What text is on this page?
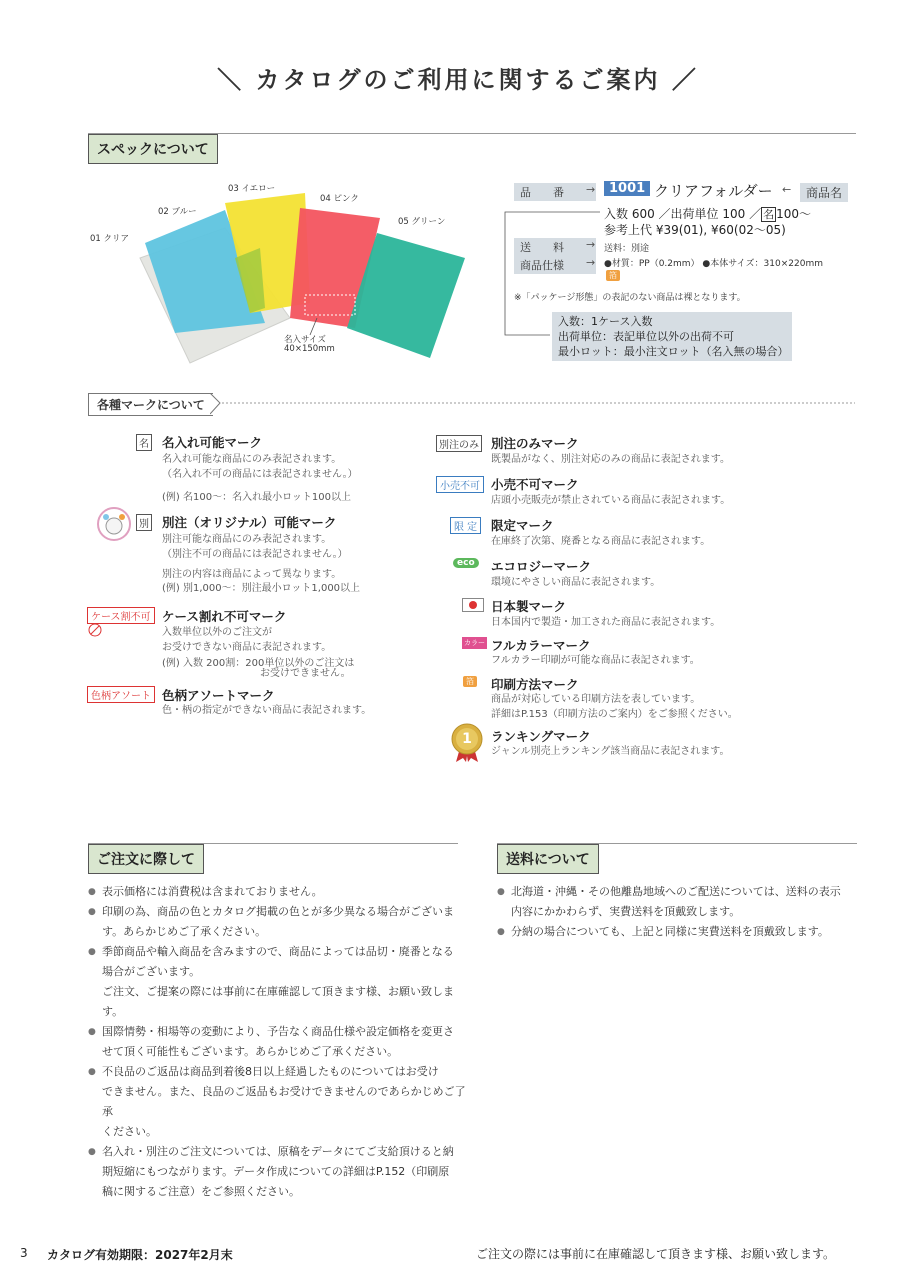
＼ カタログのご利用に関するご案内 ／
スペックについて
01 クリア
02 ブルー
03 イエロー
04 ピンク
05 グリーン
名入サイズ
40×150mm
品　　番	→	1001 クリアフォルダー ←	商品名
入数 600 ／出荷単位 100 ／ 名 100〜
参考上代 ¥39(01), ¥60(02〜05)
送　　料	→ 送料：別途
商品仕様	→ ●材質：PP（0.2mm） ●本体サイズ：310×220mm
箔
※「パッケージ形態」の表記のない商品は裸となります。
入数：1ケース入数
出荷単位：表記単位以外の出荷不可
最小ロット：最小注文ロット（名入無の場合）
各種マークについて
名 名入れ可能マーク
名入れ可能な商品にのみ表記されます。
（名入れ不可の商品には表記されません。）
(例) 名100〜：名入れ最小ロット100以上
別 別注（オリジナル）可能マーク
別注可能な商品にのみ表記されます。
（別注不可の商品には表記されません。）
別注の内容は商品によって異なります。
(例) 別1,000〜：別注最小ロット1,000以上
ケース割不可 ケース割れ不可マーク
入数単位以外のご注文が
お受けできない商品に表記されます。
(例) 入数 200割：200単位以外のご注文は
お受けできません。
色柄アソート 色柄アソートマーク
色・柄の指定ができない商品に表記されます。
別注のみ 別注のみマーク
既製品がなく、別注対応のみの商品に表記されます。
小売不可 小売不可マーク
店頭小売販売が禁止されている商品に表記されます。
限 定	限定マーク
在庫終了次第、廃番となる商品に表記されます。
eco	エコロジーマーク
環境にやさしい商品に表記されます。
日本製マーク
日本国内で製造・加工された商品に表記されます。
カラー フルカラーマーク
フルカラー印刷が可能な商品に表記されます。
箔 印刷方法マーク
商品が対応している印刷方法を表しています。
詳細はP.153（印刷方法のご案内）をご参照ください。
1 ランキングマーク
ジャンル別売上ランキング該当商品に表記されます。
ご注文に際して
● 表示価格には消費税は含まれておりません。
● 印刷の為、商品の色とカタログ掲載の色とが多少異なる場合がございま
す。あらかじめご了承ください。
● 季節商品や輸入商品を含みますので、商品によっては品切・廃番となる
場合がございます。
ご注文、ご提案の際には事前に在庫確認して頂きます様、お願い致します。
● 国際情勢・相場等の変動により、予告なく商品仕様や設定価格を変更さ
せて頂く可能性もございます。あらかじめご了承ください。
● 不良品のご返品は商品到着後8日以上経過したものについてはお受け
できません。また、良品のご返品もお受けできませんのであらかじめご了承
ください。
● 名入れ・別注のご注文については、原稿をデータにてご支給頂けると納
期短縮にもつながります。データ作成についての詳細はP.152（印刷原
稿に関するご注意）をご参照ください。
送料について
● 北海道・沖縄・その他離島地域へのご配送については、送料の表示
内容にかかわらず、実費送料を頂戴致します。
● 分納の場合についても、上記と同様に実費送料を頂戴致します。
3 カタログ有効期限：2027年2月末	ご注文の際には事前に在庫確認して頂きます様、お願い致します。
